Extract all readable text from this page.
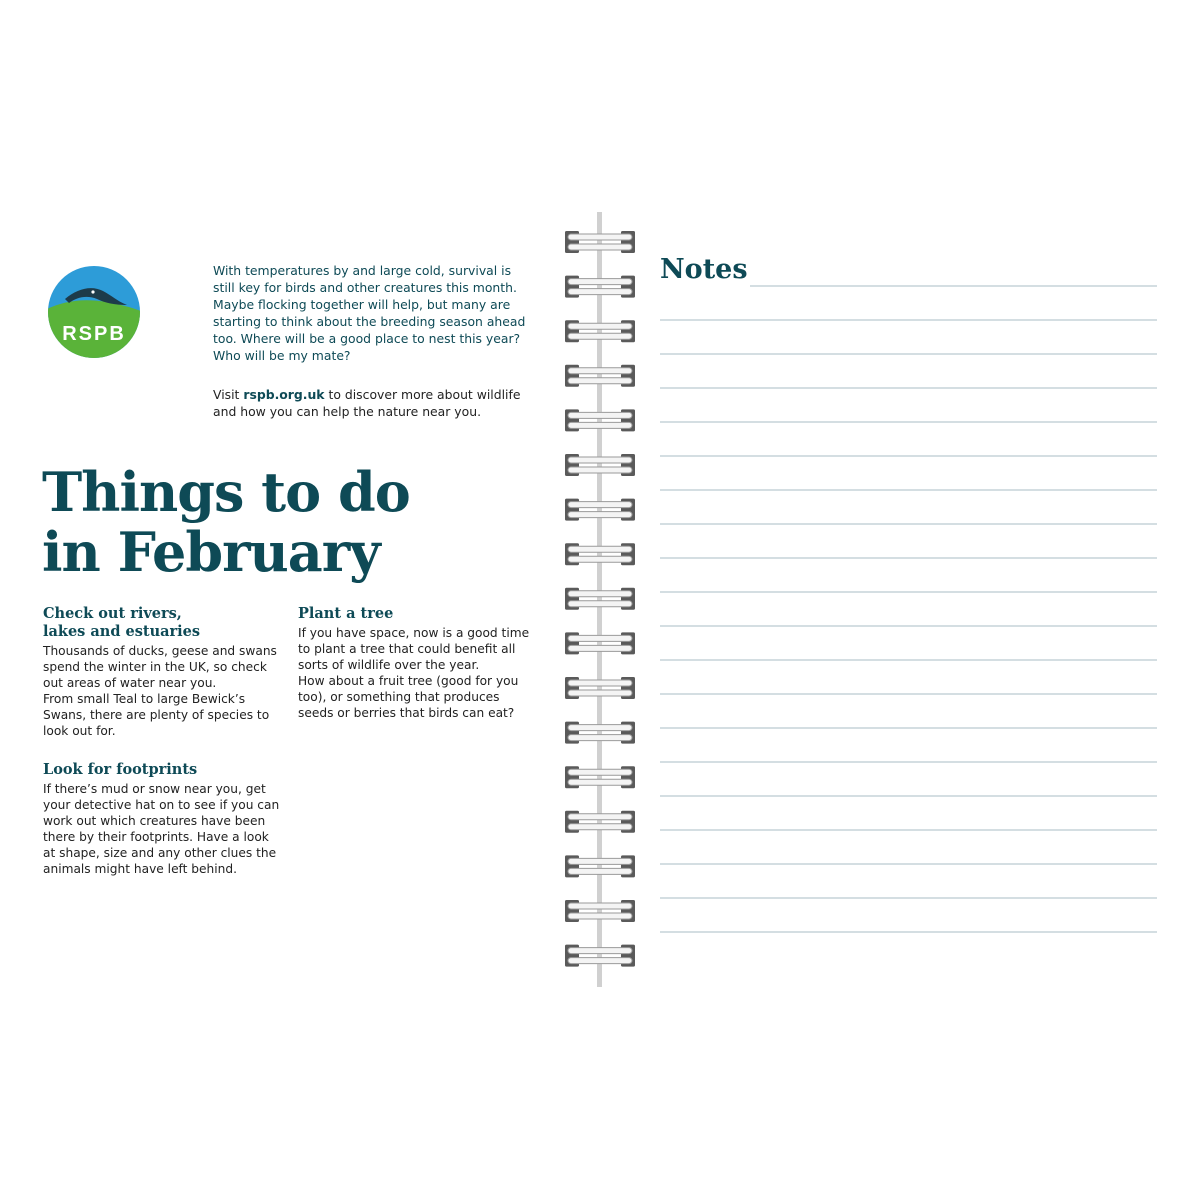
RSPB
With temperatures by and large cold, survival is
still key for birds and other creatures this month.
Maybe flocking together will help, but many are
starting to think about the breeding season ahead
too. Where will be a good place to nest this year?
Who will be my mate?
Visit rspb.org.uk to discover more about wildlife
and how you can help the nature near you.
Things to do
in February
Check out rivers,
lakes and estuaries

Thousands of ducks, geese and swans
spend the winter in the UK, so check
out areas of water near you.
From small Teal to large Bewick’s
Swans, there are plenty of species to
look out for.

Plant a tree

If you have space, now is a good time
to plant a tree that could benefit all
sorts of wildlife over the year.
How about a fruit tree (good for you
too), or something that produces
seeds or berries that birds can eat?

Look for footprints

If there’s mud or snow near you, get
your detective hat on to see if you can
work out which creatures have been
there by their footprints. Have a look
at shape, size and any other clues the
animals might have left behind.

Notes
